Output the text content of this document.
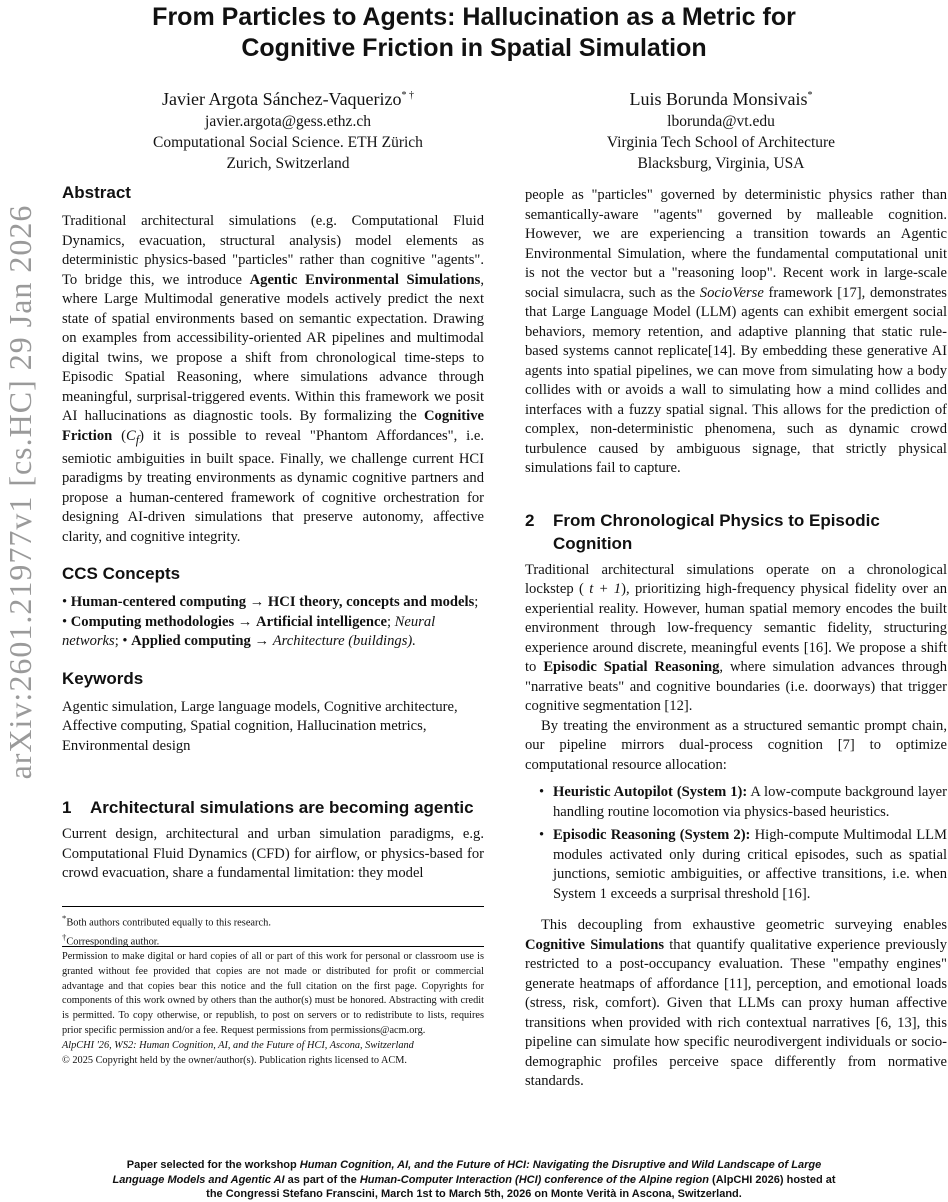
arXiv:2601.21977v1 [cs.HC] 29 Jan 2026
From Particles to Agents: Hallucination as a Metric for Cognitive Friction in Spatial Simulation
Javier Argota Sánchez-Vaquerizo* †
javier.argota@gess.ethz.ch
Computational Social Science. ETH Zürich
Zurich, Switzerland
Luis Borunda Monsivais*
lborunda@vt.edu
Virginia Tech School of Architecture
Blacksburg, Virginia, USA
Abstract

Traditional architectural simulations (e.g. Computational Fluid Dynamics, evacuation, structural analysis) model elements as deterministic physics-based "particles" rather than cognitive "agents". To bridge this, we introduce Agentic Environmental Simulations, where Large Multimodal generative models actively predict the next state of spatial environments based on semantic expectation. Drawing on examples from accessibility-oriented AR pipelines and multimodal digital twins, we propose a shift from chronological time-steps to Episodic Spatial Reasoning, where simulations advance through meaningful, surprisal-triggered events. Within this framework we posit AI hallucinations as diagnostic tools. By formalizing the Cognitive Friction $(C_f)$ it is possible to reveal "Phantom Affordances", i.e. semiotic ambiguities in built space. Finally, we challenge current HCI paradigms by treating environments as dynamic cognitive partners and propose a human-centered framework of cognitive orchestration for designing AI-driven simulations that preserve autonomy, affective clarity, and cognitive integrity.

CCS Concepts

• Human-centered computing → HCI theory, concepts and models; • Computing methodologies → Artificial intelligence; Neural networks; • Applied computing → Architecture (buildings).

Keywords

Agentic simulation, Large language models, Cognitive architecture, Affective computing, Spatial cognition, Hallucination metrics, Environmental design

1	Architectural simulations are becoming agentic

Current design, architectural and urban simulation paradigms, e.g. Computational Fluid Dynamics (CFD) for airflow, or physics-based for crowd evacuation, share a fundamental limitation: they model

*Both authors contributed equally to this research.
†Corresponding author.
Permission to make digital or hard copies of all or part of this work for personal or classroom use is granted without fee provided that copies are not made or distributed for profit or commercial advantage and that copies bear this notice and the full citation on the first page. Copyrights for components of this work owned by others than the author(s) must be honored. Abstracting with credit is permitted. To copy otherwise, or republish, to post on servers or to redistribute to lists, requires prior specific permission and/or a fee. Request permissions from permissions@acm.org.
AlpCHI '26, WS2: Human Cognition, AI, and the Future of HCI, Ascona, Switzerland
© 2025 Copyright held by the owner/author(s). Publication rights licensed to ACM.

people as "particles" governed by deterministic physics rather than semantically-aware "agents" governed by malleable cognition. However, we are experiencing a transition towards an Agentic Environmental Simulation, where the fundamental computational unit is not the vector but a "reasoning loop". Recent work in large-scale social simulacra, such as the SocioVerse framework [17], demonstrates that Large Language Model (LLM) agents can exhibit emergent social behaviors, memory retention, and adaptive planning that static rule-based systems cannot replicate[14]. By embedding these generative AI agents into spatial pipelines, we can move from simulating how a body collides with or avoids a wall to simulating how a mind collides and interfaces with a fuzzy spatial signal. This allows for the prediction of complex, non-deterministic phenomena, such as dynamic crowd turbulence caused by ambiguous signage, that strictly physical simulations fail to capture.

2	From Chronological Physics to Episodic Cognition

Traditional architectural simulations operate on a chronological lockstep ( t + 1), prioritizing high-frequency physical fidelity over an experiential reality. However, human spatial memory encodes the built environment through low-frequency semantic fidelity, structuring experience around discrete, meaningful events [16]. We propose a shift to Episodic Spatial Reasoning, where simulation advances through "narrative beats" and cognitive boundaries (i.e. doorways) that trigger cognitive segmentation [12].

By treating the environment as a structured semantic prompt chain, our pipeline mirrors dual-process cognition [7] to optimize computational resource allocation:

• Heuristic Autopilot (System 1): A low-compute background layer handling routine locomotion via physics-based heuristics.
• Episodic Reasoning (System 2): High-compute Multimodal LLM modules activated only during critical episodes, such as spatial junctions, semiotic ambiguities, or affective transitions, i.e. when System 1 exceeds a surprisal threshold [16].

This decoupling from exhaustive geometric surveying enables Cognitive Simulations that quantify qualitative experience previously restricted to a post-occupancy evaluation. These "empathy engines" generate heatmaps of affordance [11], perception, and emotional loads (stress, risk, comfort). Given that LLMs can proxy human affective transitions when provided with rich contextual narratives [6, 13], this pipeline can simulate how specific neurodivergent individuals or socio-demographic profiles perceive space differently from normative standards.

Paper selected for the workshop Human Cognition, AI, and the Future of HCI: Navigating the Disruptive and Wild Landscape of Large Language Models and Agentic AI as part of the Human-Computer Interaction (HCI) conference of the Alpine region (AlpCHI 2026) hosted at the Congressi Stefano Franscini, March 1st to March 5th, 2026 on Monte Verità in Ascona, Switzerland.
